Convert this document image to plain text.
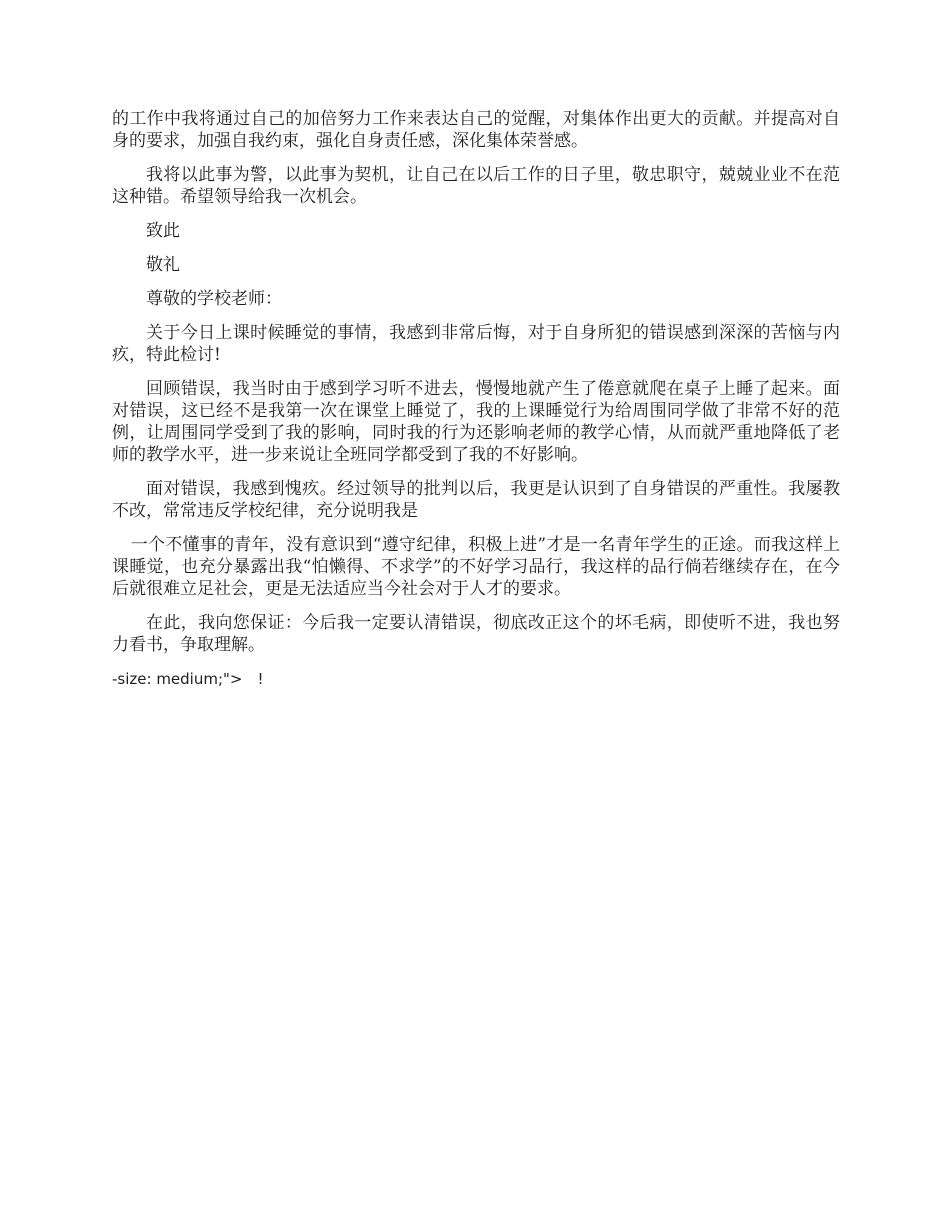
的工作中我将通过自己的加倍努力工作来表达自己的觉醒，对集体作出更大的贡献。并提高对自身的要求，加强自我约束，强化自身责任感，深化集体荣誉感。

我将以此事为警，以此事为契机，让自己在以后工作的日子里，敬忠职守，兢兢业业不在范这种错。希望领导给我一次机会。

致此

敬礼

尊敬的学校老师：

关于今日上课时候睡觉的事情，我感到非常后悔，对于自身所犯的错误感到深深的苦恼与内疚，特此检讨!

回顾错误，我当时由于感到学习听不进去，慢慢地就产生了倦意就爬在桌子上睡了起来。面对错误，这已经不是我第一次在课堂上睡觉了，我的上课睡觉行为给周围同学做了非常不好的范例，让周围同学受到了我的影响，同时我的行为还影响老师的教学心情，从而就严重地降低了老师的教学水平，进一步来说让全班同学都受到了我的不好影响。

面对错误，我感到愧疚。经过领导的批判以后，我更是认识到了自身错误的严重性。我屡教不改，常常违反学校纪律，充分说明我是

一个不懂事的青年，没有意识到“遵守纪律，积极上进”才是一名青年学生的正途。而我这样上课睡觉，也充分暴露出我“怕懒得、不求学”的不好学习品行，我这样的品行倘若继续存在，在今后就很难立足社会，更是无法适应当今社会对于人才的要求。

在此，我向您保证：今后我一定要认清错误，彻底改正这个的坏毛病，即使听不进，我也努力看书，争取理解。

-size: medium;">　!
